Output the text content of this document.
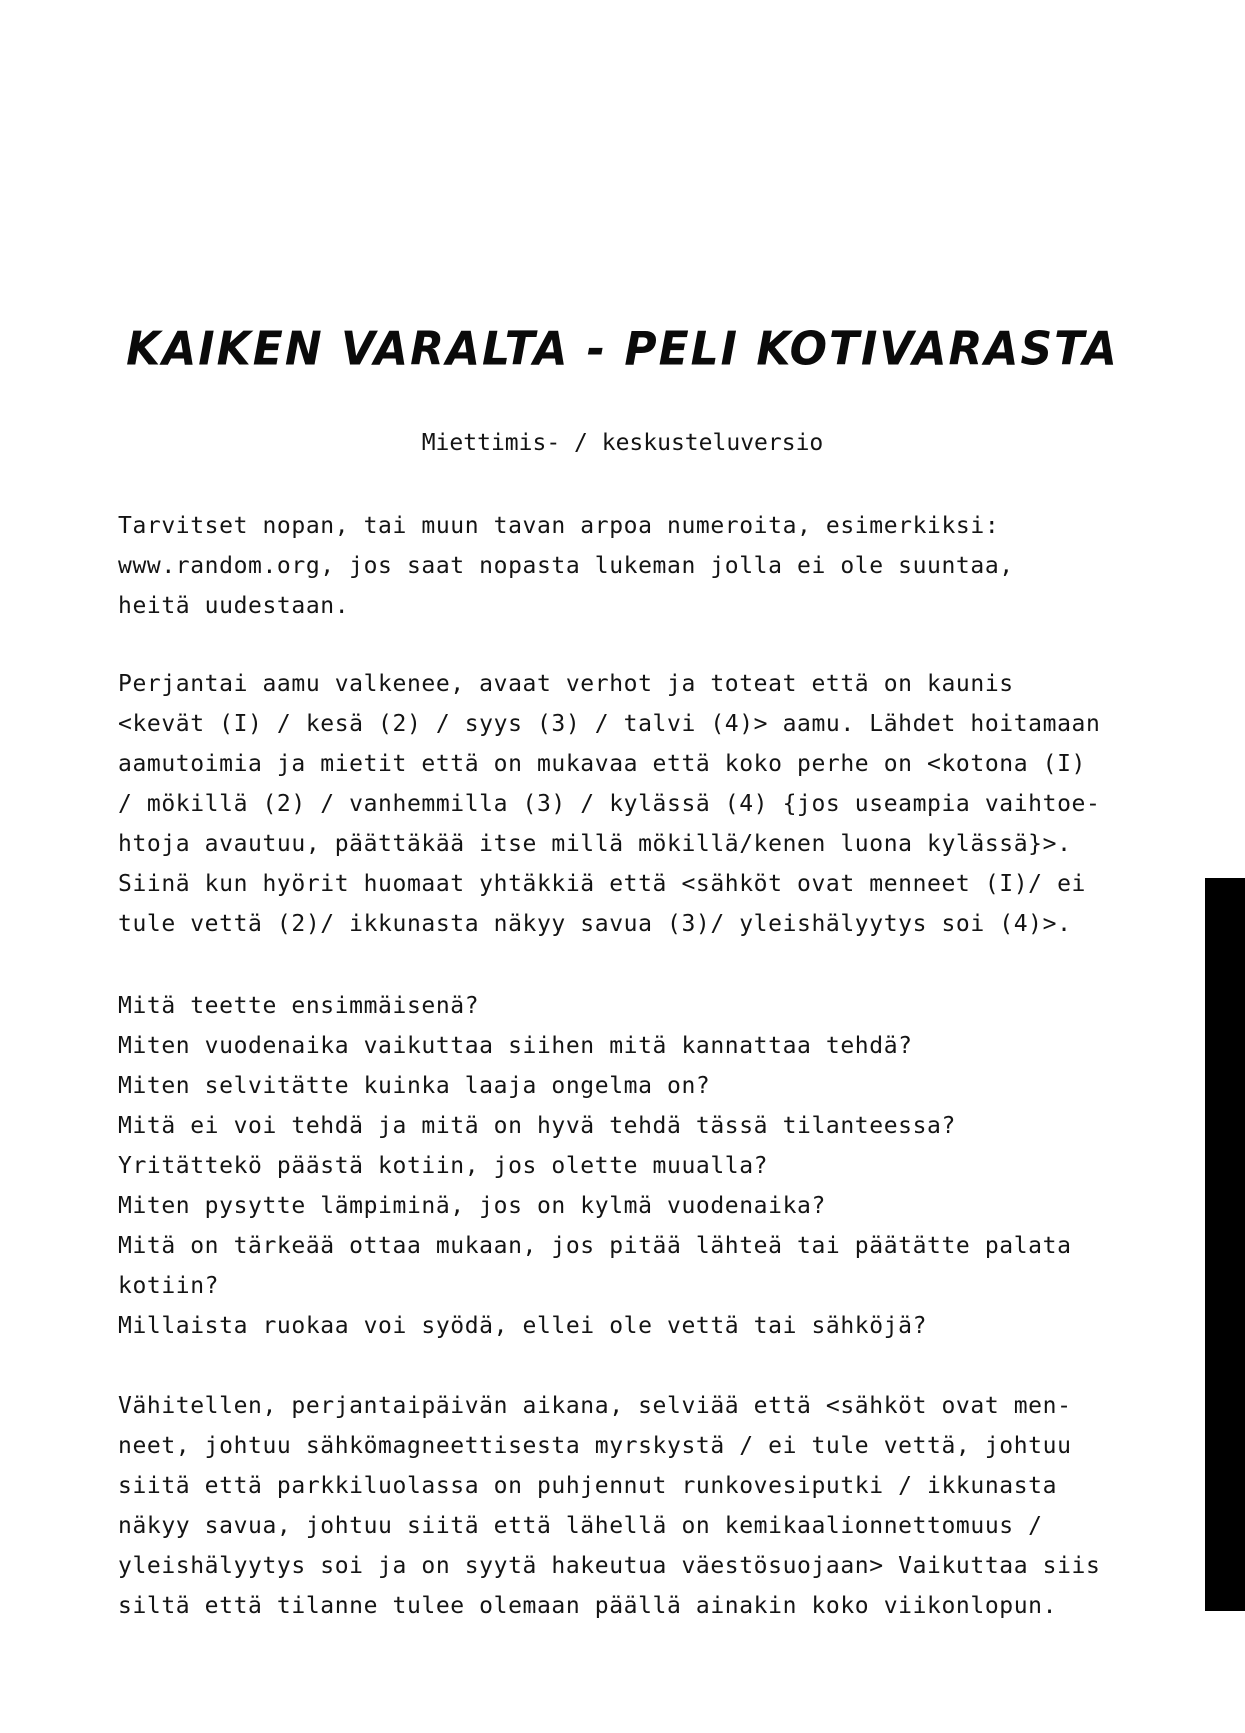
KAIKEN VARALTA - PELI KOTIVARASTA
Miettimis- / keskusteluversio
Tarvitset nopan, tai muun tavan arpoa numeroita, esimerkiksi:
www.random.org, jos saat nopasta lukeman jolla ei ole suuntaa,
heitä uudestaan.
Perjantai aamu valkenee, avaat verhot ja toteat että on kaunis
<kevät (I) / kesä (2) / syys (3) / talvi (4)> aamu. Lähdet hoitamaan
aamutoimia ja mietit että on mukavaa että koko perhe on <kotona (I)
/ mökillä (2) / vanhemmilla (3) / kylässä (4) {jos useampia vaihtoe-
htoja avautuu, päättäkää itse millä mökillä/kenen luona kylässä}>.
Siinä kun hyörit huomaat yhtäkkiä että <sähköt ovat menneet (I)/ ei
tule vettä (2)/ ikkunasta näkyy savua (3)/ yleishälyytys soi (4)>.
Mitä teette ensimmäisenä?
Miten vuodenaika vaikuttaa siihen mitä kannattaa tehdä?
Miten selvitätte kuinka laaja ongelma on?
Mitä ei voi tehdä ja mitä on hyvä tehdä tässä tilanteessa?
Yritättekö päästä kotiin, jos olette muualla?
Miten pysytte lämpiminä, jos on kylmä vuodenaika?
Mitä on tärkeää ottaa mukaan, jos pitää lähteä tai päätätte palata
kotiin?
Millaista ruokaa voi syödä, ellei ole vettä tai sähköjä?
Vähitellen, perjantaipäivän aikana, selviää että <sähköt ovat men-
neet, johtuu sähkömagneettisesta myrskystä / ei tule vettä, johtuu
siitä että parkkiluolassa on puhjennut runkovesiputki / ikkunasta
näkyy savua, johtuu siitä että lähellä on kemikaalionnettomuus /
yleishälyytys soi ja on syytä hakeutua väestösuojaan> Vaikuttaa siis
siltä että tilanne tulee olemaan päällä ainakin koko viikonlopun.
